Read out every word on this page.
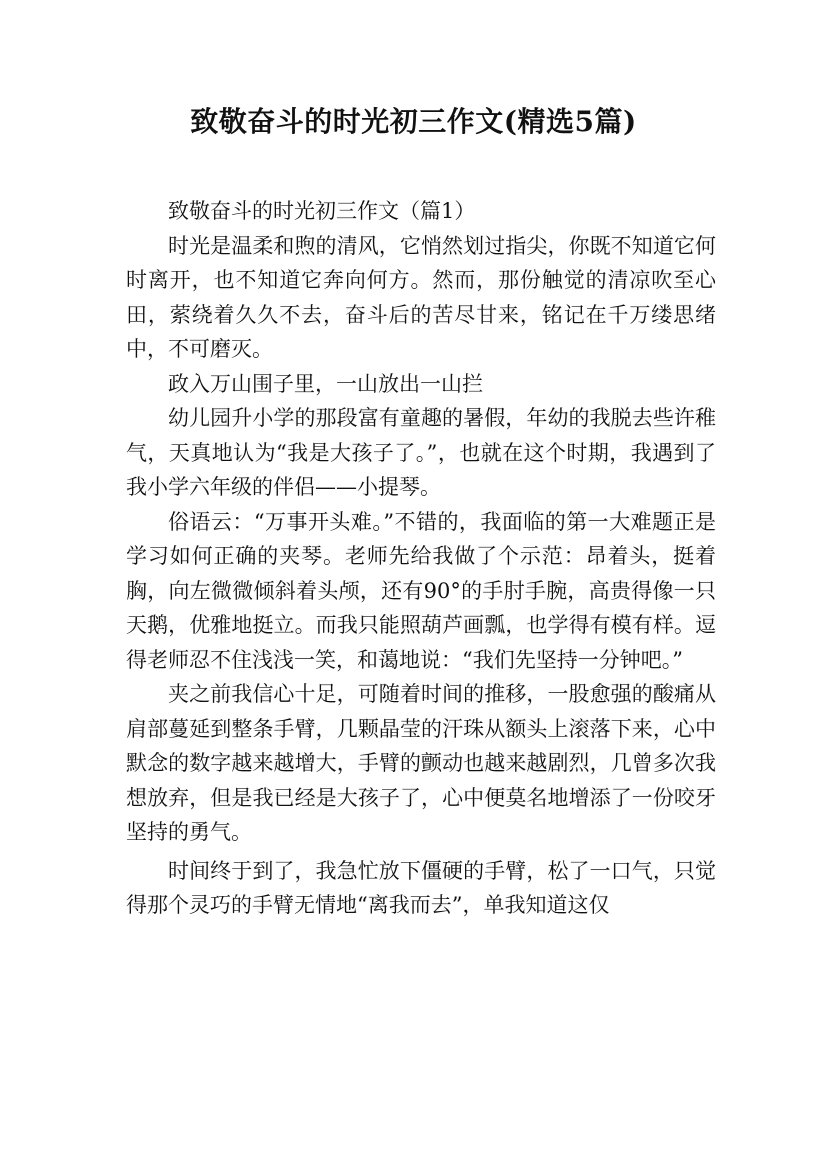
致敬奋斗的时光初三作文(精选5篇)

致敬奋斗的时光初三作文（篇1）

时光是温柔和煦的清风，它悄然划过指尖，你既不知道它何时离开，也不知道它奔向何方。然而，那份触觉的清凉吹至心田，萦绕着久久不去，奋斗后的苦尽甘来，铭记在千万缕思绪中，不可磨灭。

政入万山围子里，一山放出一山拦

幼儿园升小学的那段富有童趣的暑假，年幼的我脱去些许稚气，天真地认为“我是大孩子了。”，也就在这个时期，我遇到了我小学六年级的伴侣——小提琴。

俗语云：“万事开头难。”不错的，我面临的第一大难题正是学习如何正确的夹琴。老师先给我做了个示范：昂着头，挺着胸，向左微微倾斜着头颅，还有90°的手肘手腕，高贵得像一只天鹅，优雅地挺立。而我只能照葫芦画瓢，也学得有模有样。逗得老师忍不住浅浅一笑，和蔼地说：“我们先坚持一分钟吧。”

夹之前我信心十足，可随着时间的推移，一股愈强的酸痛从肩部蔓延到整条手臂，几颗晶莹的汗珠从额头上滚落下来，心中默念的数字越来越增大，手臂的颤动也越来越剧烈，几曾多次我想放弃，但是我已经是大孩子了，心中便莫名地增添了一份咬牙坚持的勇气。

时间终于到了，我急忙放下僵硬的手臂，松了一口气，只觉得那个灵巧的手臂无情地“离我而去”，单我知道这仅
